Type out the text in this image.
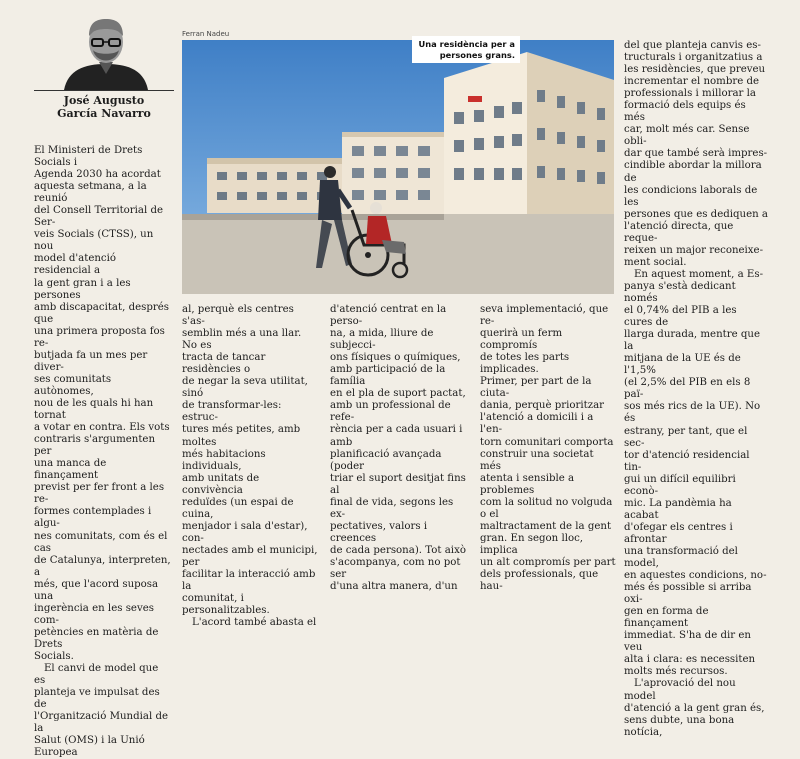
José Augusto
García Navarro
Ferran Nadeu
Una residència per a
persones grans.
El Ministeri de Drets Socials i
Agenda 2030 ha acordat
aquesta setmana, a la reunió
del Consell Territorial de Ser-
veis Socials (CTSS), un nou
model d'atenció residencial a
la gent gran i a les persones
amb discapacitat, després que
una primera proposta fos re-
butjada fa un mes per diver-
ses comunitats autònomes,
nou de les quals hi han tornat
a votar en contra. Els vots
contraris s'argumenten per
una manca de finançament
previst per fer front a les re-
formes contemplades i algu-
nes comunitats, com és el cas
de Catalunya, interpreten, a
més, que l'acord suposa una
ingerència en les seves com-
petències en matèria de Drets
Socials.
El canvi de model que es
planteja ve impulsat des de
l'Organització Mundial de la
Salut (OMS) i la Unió Europea
al, perquè els centres s'as-
semblin més a una llar. No es
tracta de tancar residències o
de negar la seva utilitat, sinó
de transformar-les: estruc-
tures més petites, amb moltes
més habitacions individuals,
amb unitats de convivència
reduïdes (un espai de cuina,
menjador i sala d'estar), con-
nectades amb el municipi, per
facilitar la interacció amb la
comunitat, i personalitzables.
L'acord també abasta el
d'atenció centrat en la perso-
na, a mida, lliure de subjecci-
ons físiques o químiques,
amb participació de la família
en el pla de suport pactat,
amb un professional de refe-
rència per a cada usuari i amb
planificació avançada (poder
triar el suport desitjat fins al
final de vida, segons les ex-
pectatives, valors i creences
de cada persona). Tot això
s'acompanya, com no pot ser
d'una altra manera, d'un
seva implementació, que re-
querirà un ferm compromís
de totes les parts implicades.
Primer, per part de la ciuta-
dania, perquè prioritzar
l'atenció a domicili i a l'en-
torn comunitari comporta
construir una societat més
atenta i sensible a problemes
com la solitud no volguda o el
maltractament de la gent
gran. En segon lloc, implica
un alt compromís per part
dels professionals, que hau-
del que planteja canvis es-
tructurals i organitzatius a
les residències, que preveu
incrementar el nombre de
professionals i millorar la
formació dels equips és més
car, molt més car. Sense obli-
dar que també serà impres-
cindible abordar la millora de
les condicions laborals de les
persones que es dediquen a
l'atenció directa, que reque-
reixen un major reconeixe-
ment social.
En aquest moment, a Es-
panya s'està dedicant només
el 0,74% del PIB a les cures de
llarga durada, mentre que la
mitjana de la UE és de l'1,5%
(el 2,5% del PIB en els 8 paï-
sos més rics de la UE). No és
estrany, per tant, que el sec-
tor d'atenció residencial tin-
gui un difícil equilibri econò-
mic. La pandèmia ha acabat
d'ofegar els centres i afrontar
una transformació del model,
en aquestes condicions, no-
més és possible si arriba oxi-
gen en forma de finançament
immediat. S'ha de dir en veu
alta i clara: es necessiten
molts més recursos.
L'aprovació del nou model
d'atenció a la gent gran és,
sens dubte, una bona notícia,
